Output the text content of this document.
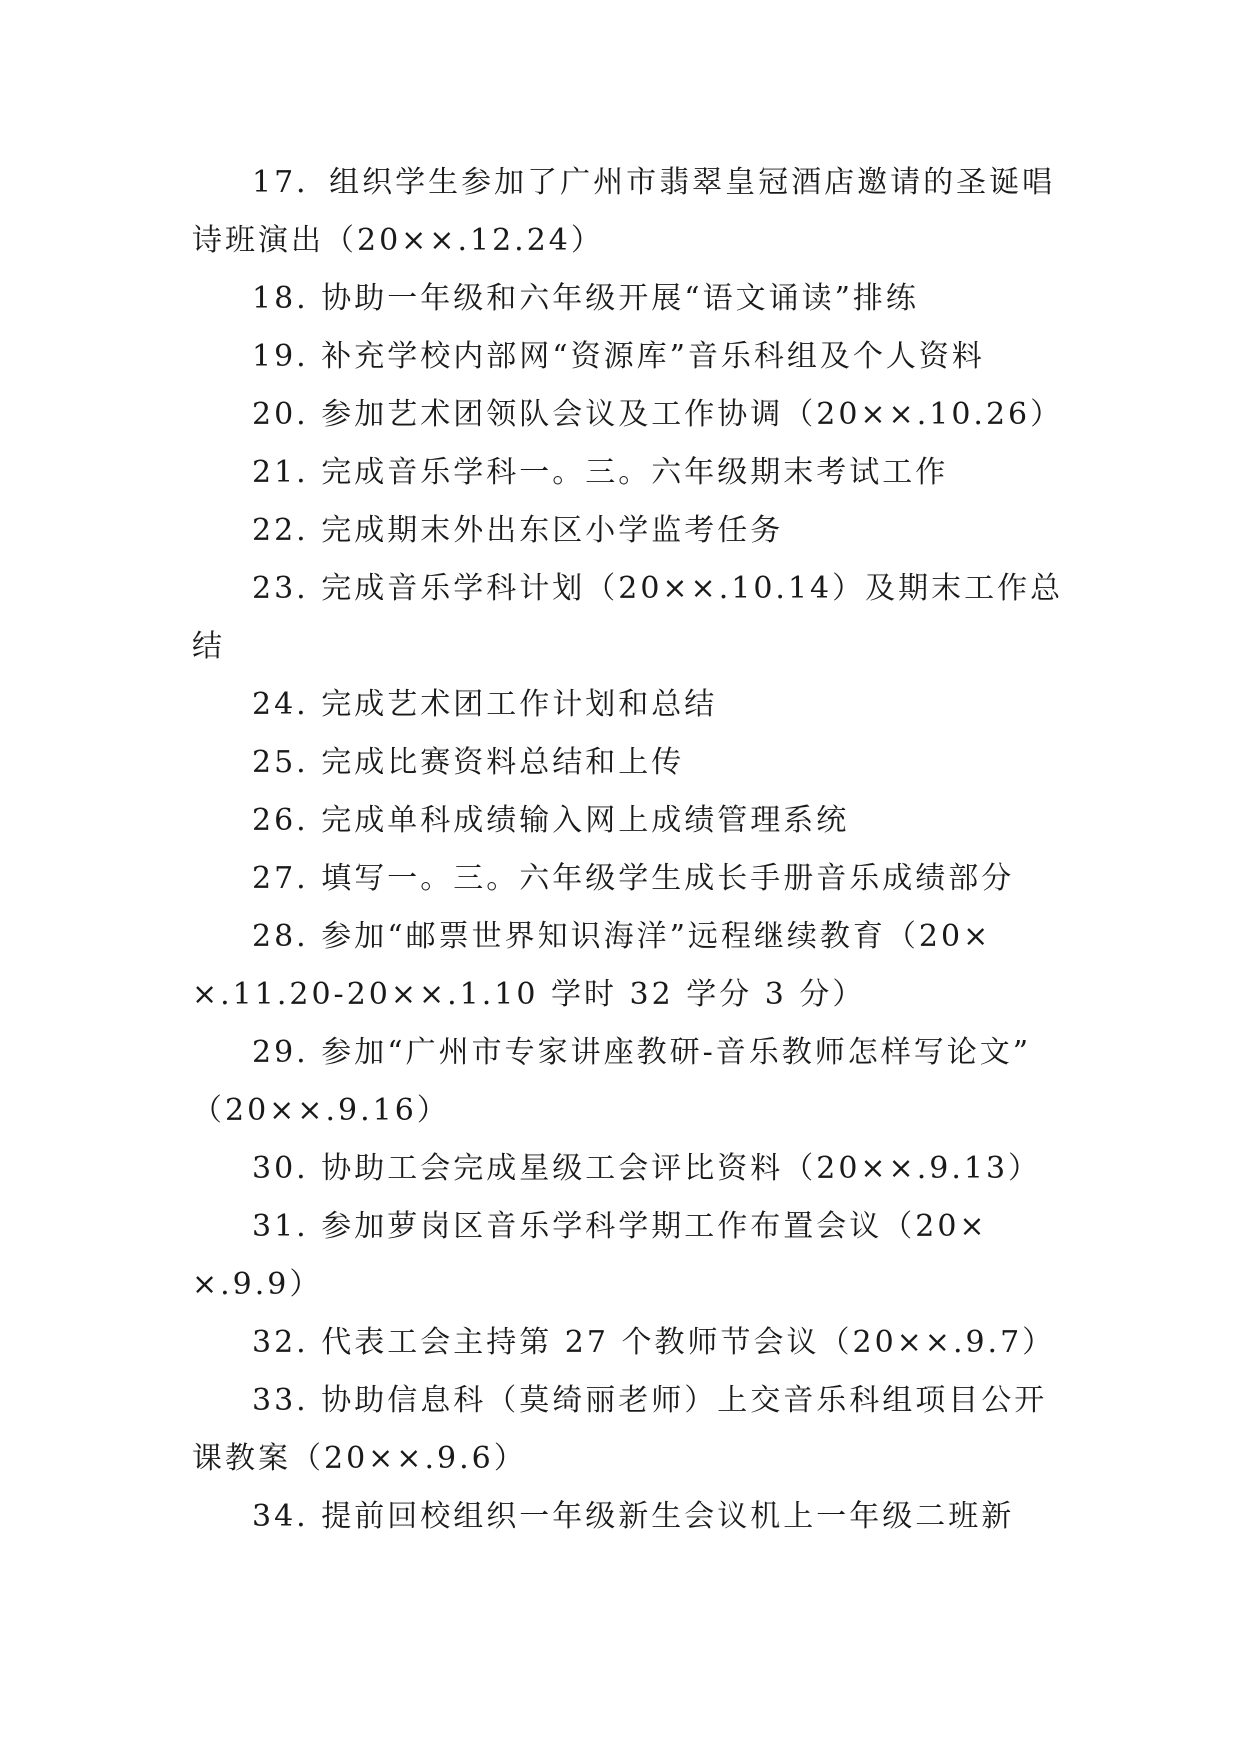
17．组织学生参加了广州市翡翠皇冠酒店邀请的圣诞唱
诗班演出（20××.12.24）
18. 协助一年级和六年级开展“语文诵读”排练
19. 补充学校内部网“资源库”音乐科组及个人资料
20. 参加艺术团领队会议及工作协调（20××.10.26）
21. 完成音乐学科一。三。六年级期末考试工作
22. 完成期末外出东区小学监考任务
23. 完成音乐学科计划（20××.10.14）及期末工作总
结
24. 完成艺术团工作计划和总结
25. 完成比赛资料总结和上传
26. 完成单科成绩输入网上成绩管理系统
27. 填写一。三。六年级学生成长手册音乐成绩部分
28. 参加“邮票世界知识海洋”远程继续教育（20×
×.11.20-20××.1.10 学时 32 学分 3 分）
29. 参加“广州市专家讲座教研-音乐教师怎样写论文”
（20××.9.16）
30. 协助工会完成星级工会评比资料（20××.9.13）
31. 参加萝岗区音乐学科学期工作布置会议（20×
×.9.9）
32. 代表工会主持第 27 个教师节会议（20××.9.7）
33. 协助信息科（莫绮丽老师）上交音乐科组项目公开
课教案（20××.9.6）
34. 提前回校组织一年级新生会议机上一年级二班新
